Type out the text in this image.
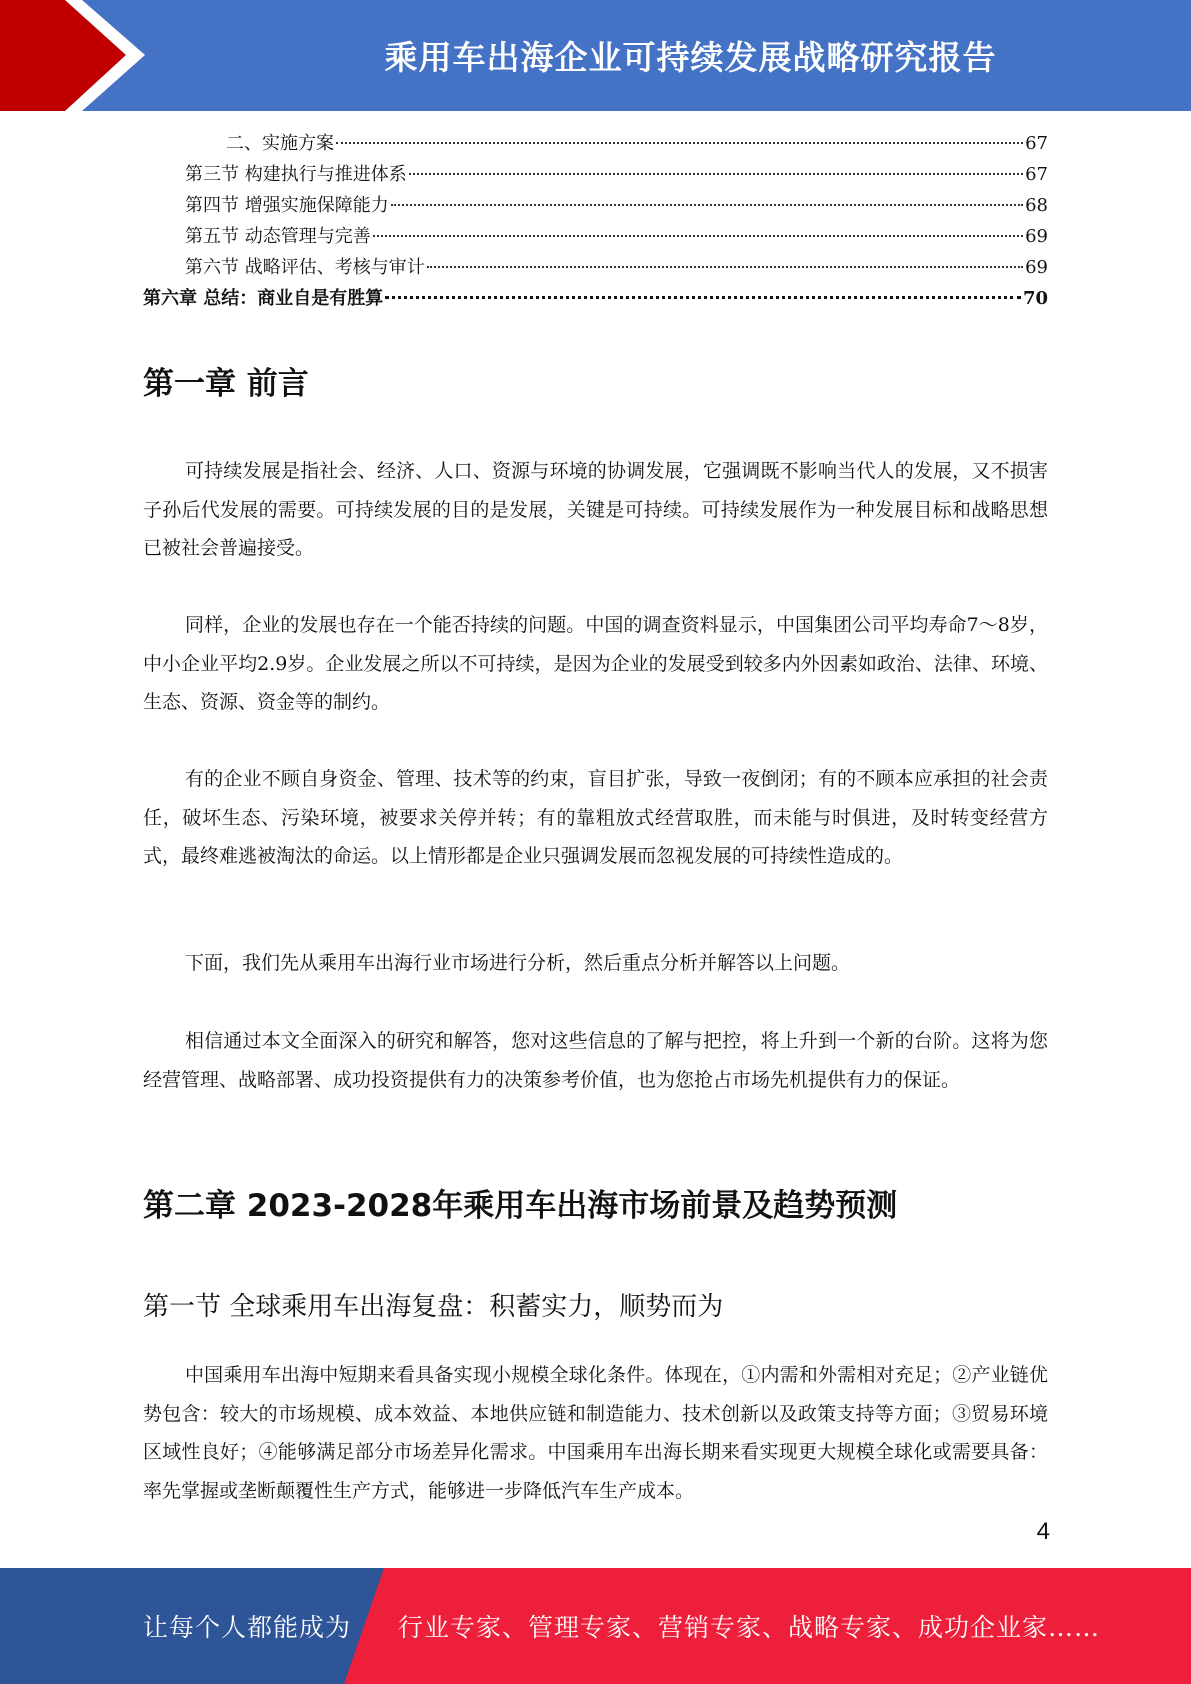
乘用车出海企业可持续发展战略研究报告
二、实施方案	67
第三节 构建执行与推进体系	67
第四节 增强实施保障能力	68
第五节 动态管理与完善	69
第六节 战略评估、考核与审计	69
第六章 总结：商业自是有胜算	70
第一章 前言

可持续发展是指社会、经济、人口、资源与环境的协调发展，它强调既不影响当代人的发展，又不损害子孙后代发展的需要。可持续发展的目的是发展，关键是可持续。可持续发展作为一种发展目标和战略思想已被社会普遍接受。

同样，企业的发展也存在一个能否持续的问题。中国的调查资料显示，中国集团公司平均寿命7～8岁，中小企业平均2.9岁。企业发展之所以不可持续，是因为企业的发展受到较多内外因素如政治、法律、环境、生态、资源、资金等的制约。

有的企业不顾自身资金、管理、技术等的约束，盲目扩张，导致一夜倒闭；有的不顾本应承担的社会责任，破坏生态、污染环境，被要求关停并转；有的靠粗放式经营取胜，而未能与时俱进，及时转变经营方式，最终难逃被淘汰的命运。以上情形都是企业只强调发展而忽视发展的可持续性造成的。

下面，我们先从乘用车出海行业市场进行分析，然后重点分析并解答以上问题。

相信通过本文全面深入的研究和解答，您对这些信息的了解与把控，将上升到一个新的台阶。这将为您经营管理、战略部署、成功投资提供有力的决策参考价值，也为您抢占市场先机提供有力的保证。

第二章 2023-2028年乘用车出海市场前景及趋势预测
第一节 全球乘用车出海复盘：积蓄实力，顺势而为

中国乘用车出海中短期来看具备实现小规模全球化条件。体现在，①内需和外需相对充足；②产业链优势包含：较大的市场规模、成本效益、本地供应链和制造能力、技术创新以及政策支持等方面；③贸易环境区域性良好；④能够满足部分市场差异化需求。中国乘用车出海长期来看实现更大规模全球化或需要具备：率先掌握或垄断颠覆性生产方式，能够进一步降低汽车生产成本。

4
让每个人都能成为 行业专家、管理专家、营销专家、战略专家、成功企业家……
